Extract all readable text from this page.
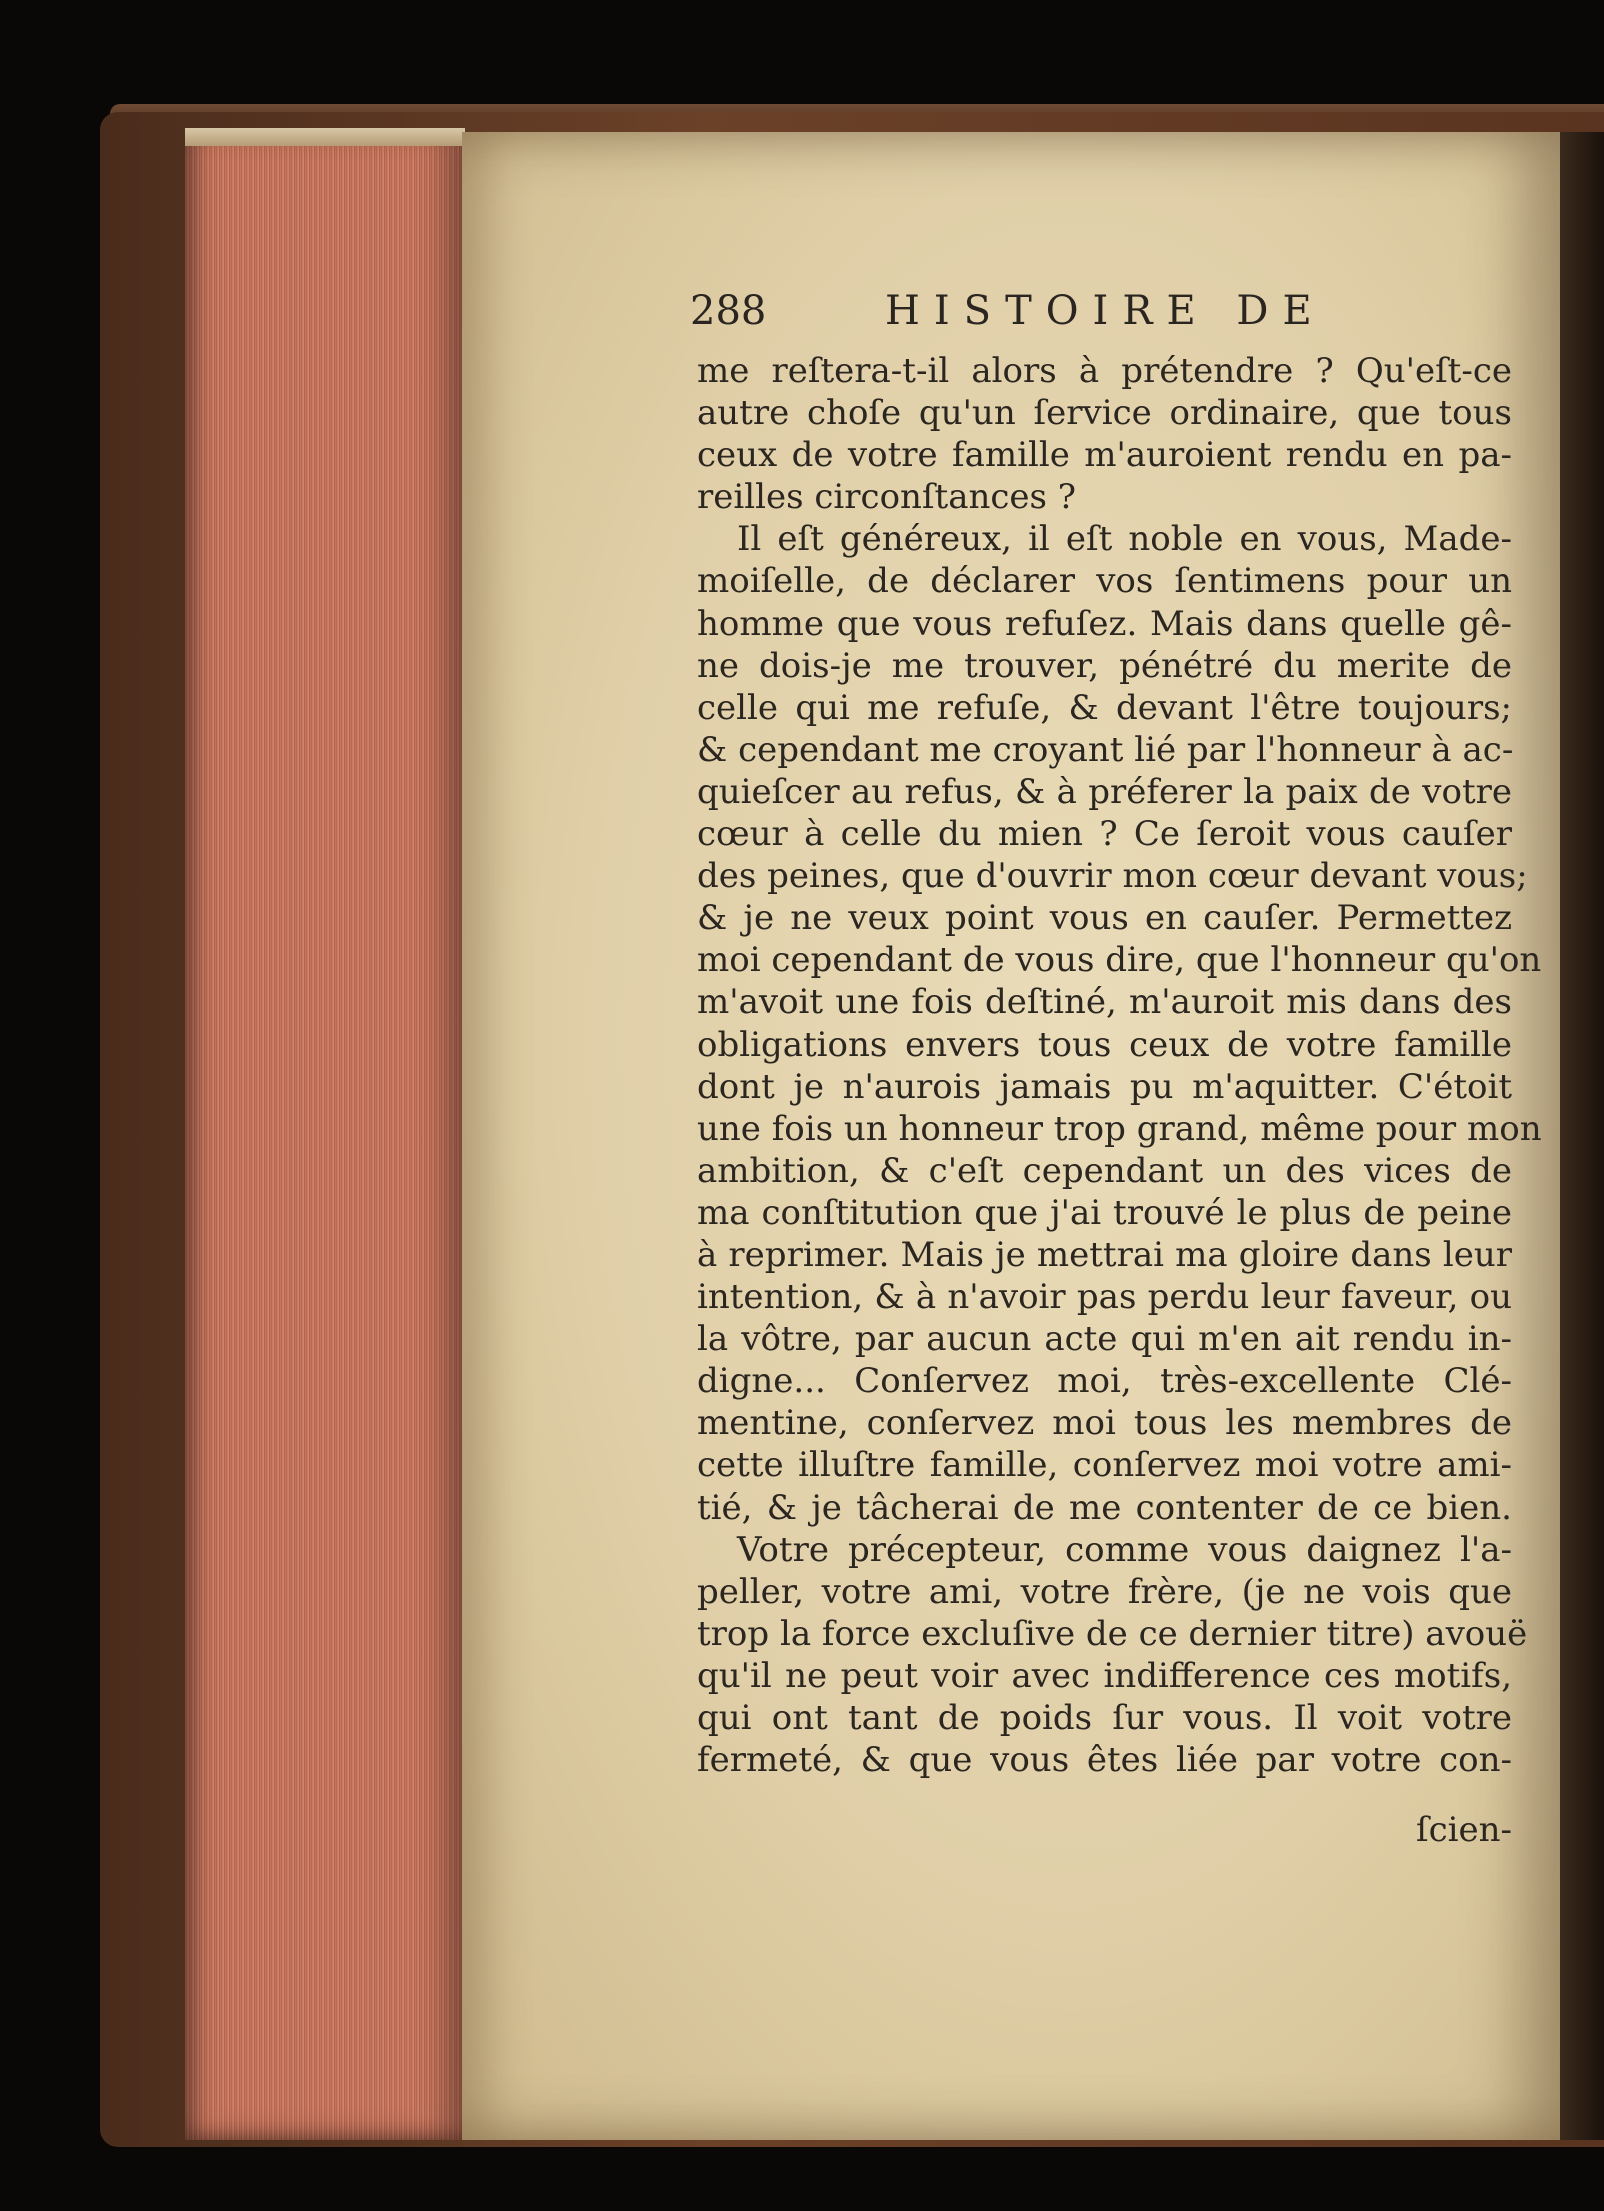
288	HISTOIRE DE
me reſtera-t-il alors à prétendre ? Qu'eſt-ce
autre choſe qu'un ſervice ordinaire, que tous
ceux de votre famille m'auroient rendu en pa-
reilles circonſtances ?
Il eſt généreux, il eſt noble en vous, Made-
moiſelle, de déclarer vos ſentimens pour un
homme que vous refuſez. Mais dans quelle gê-
ne dois-je me trouver, pénétré du merite de
celle qui me refuſe, & devant l'être toujours;
& cependant me croyant lié par l'honneur à ac-
quieſcer au refus, & à préferer la paix de votre
cœur à celle du mien ? Ce ſeroit vous cauſer
des peines, que d'ouvrir mon cœur devant vous;
& je ne veux point vous en cauſer. Permettez
moi cependant de vous dire, que l'honneur qu'on
m'avoit une fois deſtiné, m'auroit mis dans des
obligations envers tous ceux de votre famille
dont je n'aurois jamais pu m'aquitter. C'étoit
une fois un honneur trop grand, même pour mon
ambition, & c'eſt cependant un des vices de
ma conſtitution que j'ai trouvé le plus de peine
à reprimer. Mais je mettrai ma gloire dans leur
intention, & à n'avoir pas perdu leur faveur, ou
la vôtre, par aucun acte qui m'en ait rendu in-
digne... Conſervez moi, très-excellente Clé-
mentine, conſervez moi tous les membres de
cette illuſtre famille, conſervez moi votre ami-
tié, & je tâcherai de me contenter de ce bien.
Votre précepteur, comme vous daignez l'a-
peller, votre ami, votre frère, (je ne vois que
trop la force excluſive de ce dernier titre) avouë
qu'il ne peut voir avec indifference ces motifs,
qui ont tant de poids ſur vous. Il voit votre
fermeté, & que vous êtes liée par votre con-
ſcien-
